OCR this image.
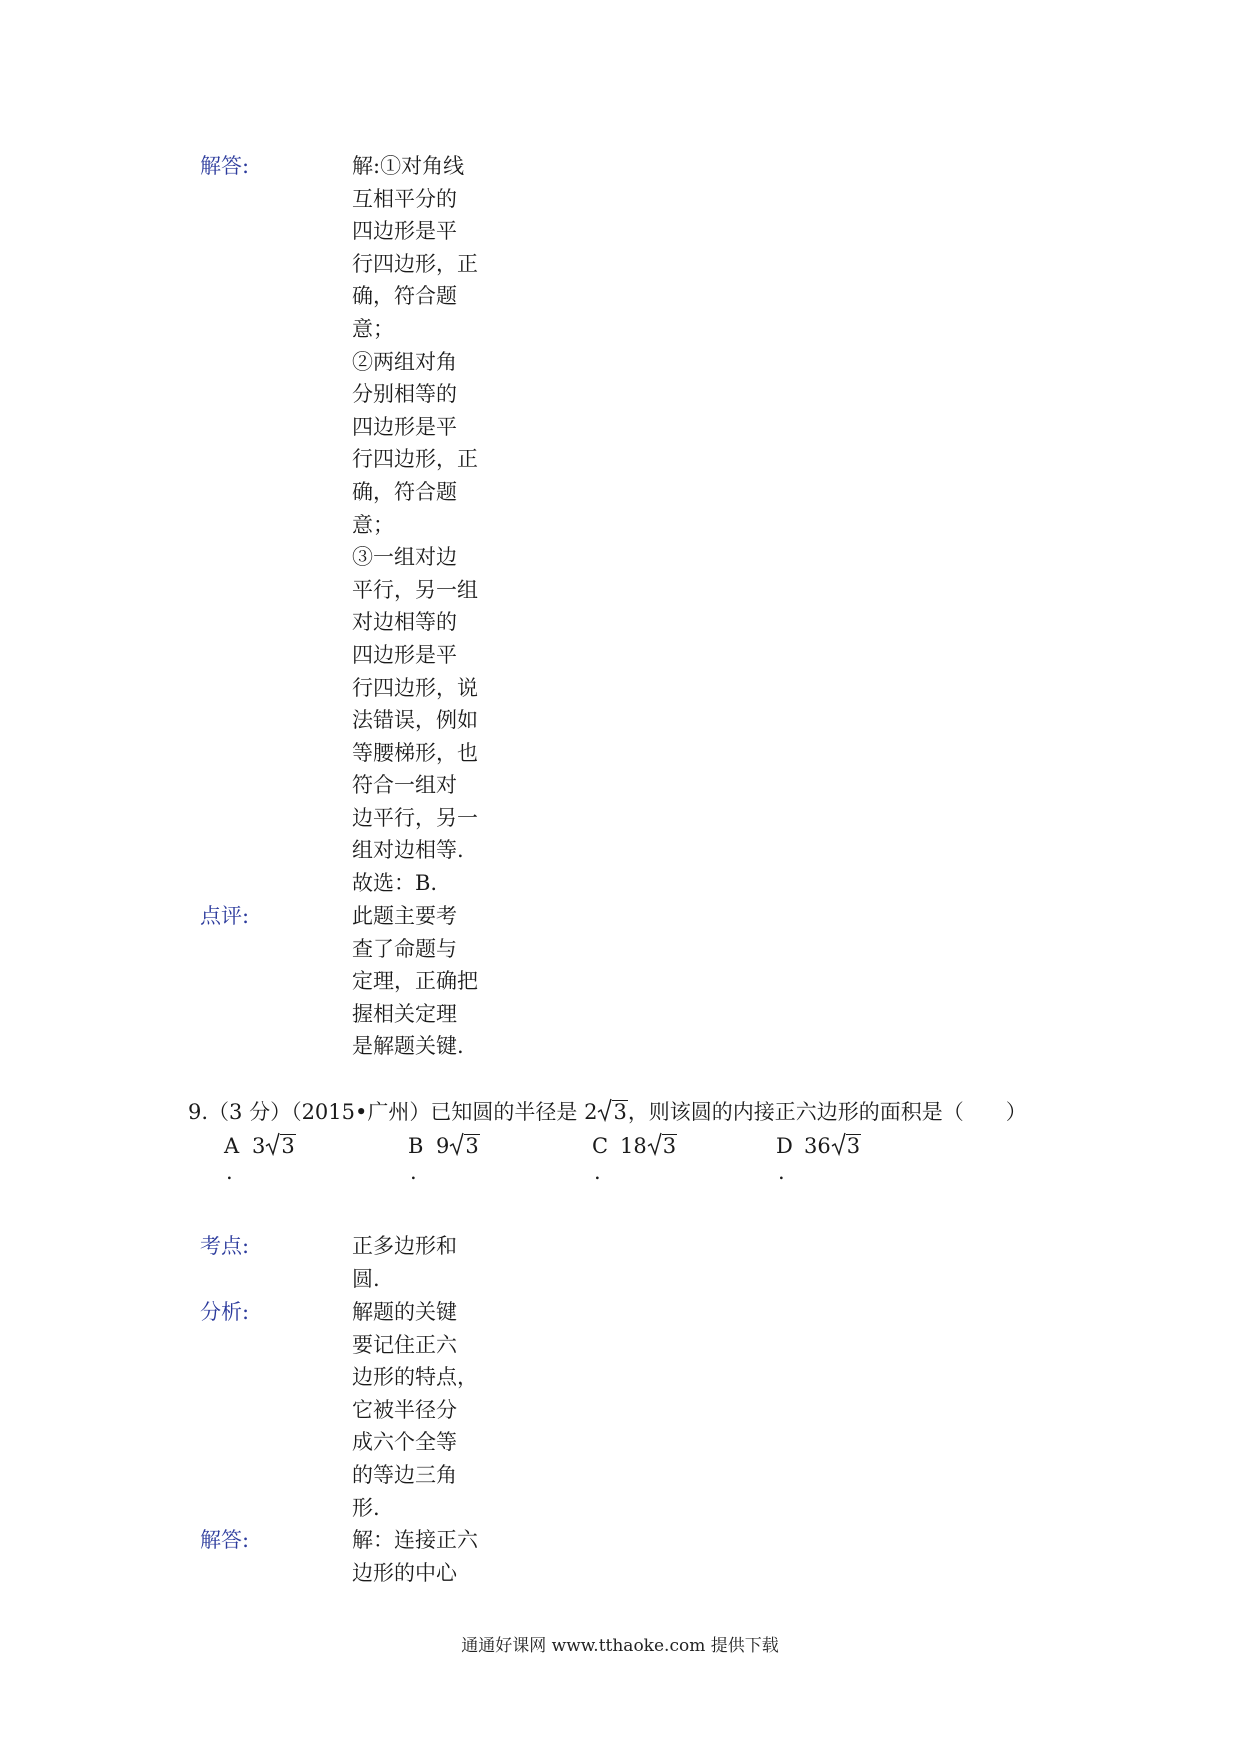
解答:	解:①对角线
互相平分的
四边形是平
行四边形，正
确，符合题
意；
②两组对角
分别相等的
四边形是平
行四边形，正
确，符合题
意；
③一组对边
平行，另一组
对边相等的
四边形是平
行四边形，说
法错误，例如
等腰梯形，也
符合一组对
边平行，另一
组对边相等.
故选：B.
点评:	此题主要考
查了命题与
定理，正确把
握相关定理
是解题关键.
9.（3 分）（2015•广州）已知圆的半径是 2 3，则该圆的内接正六边形的面积是（　　）
A 3 3	B 9 3	C 18 3	D 36 3
.	.	.	.
考点:	正多边形和
圆.
分析:	解题的关键
要记住正六
边形的特点，
它被半径分
成六个全等
的等边三角
形.
解答:	解：连接正六
边形的中心
通通好课网 www.tthaoke.com 提供下载
